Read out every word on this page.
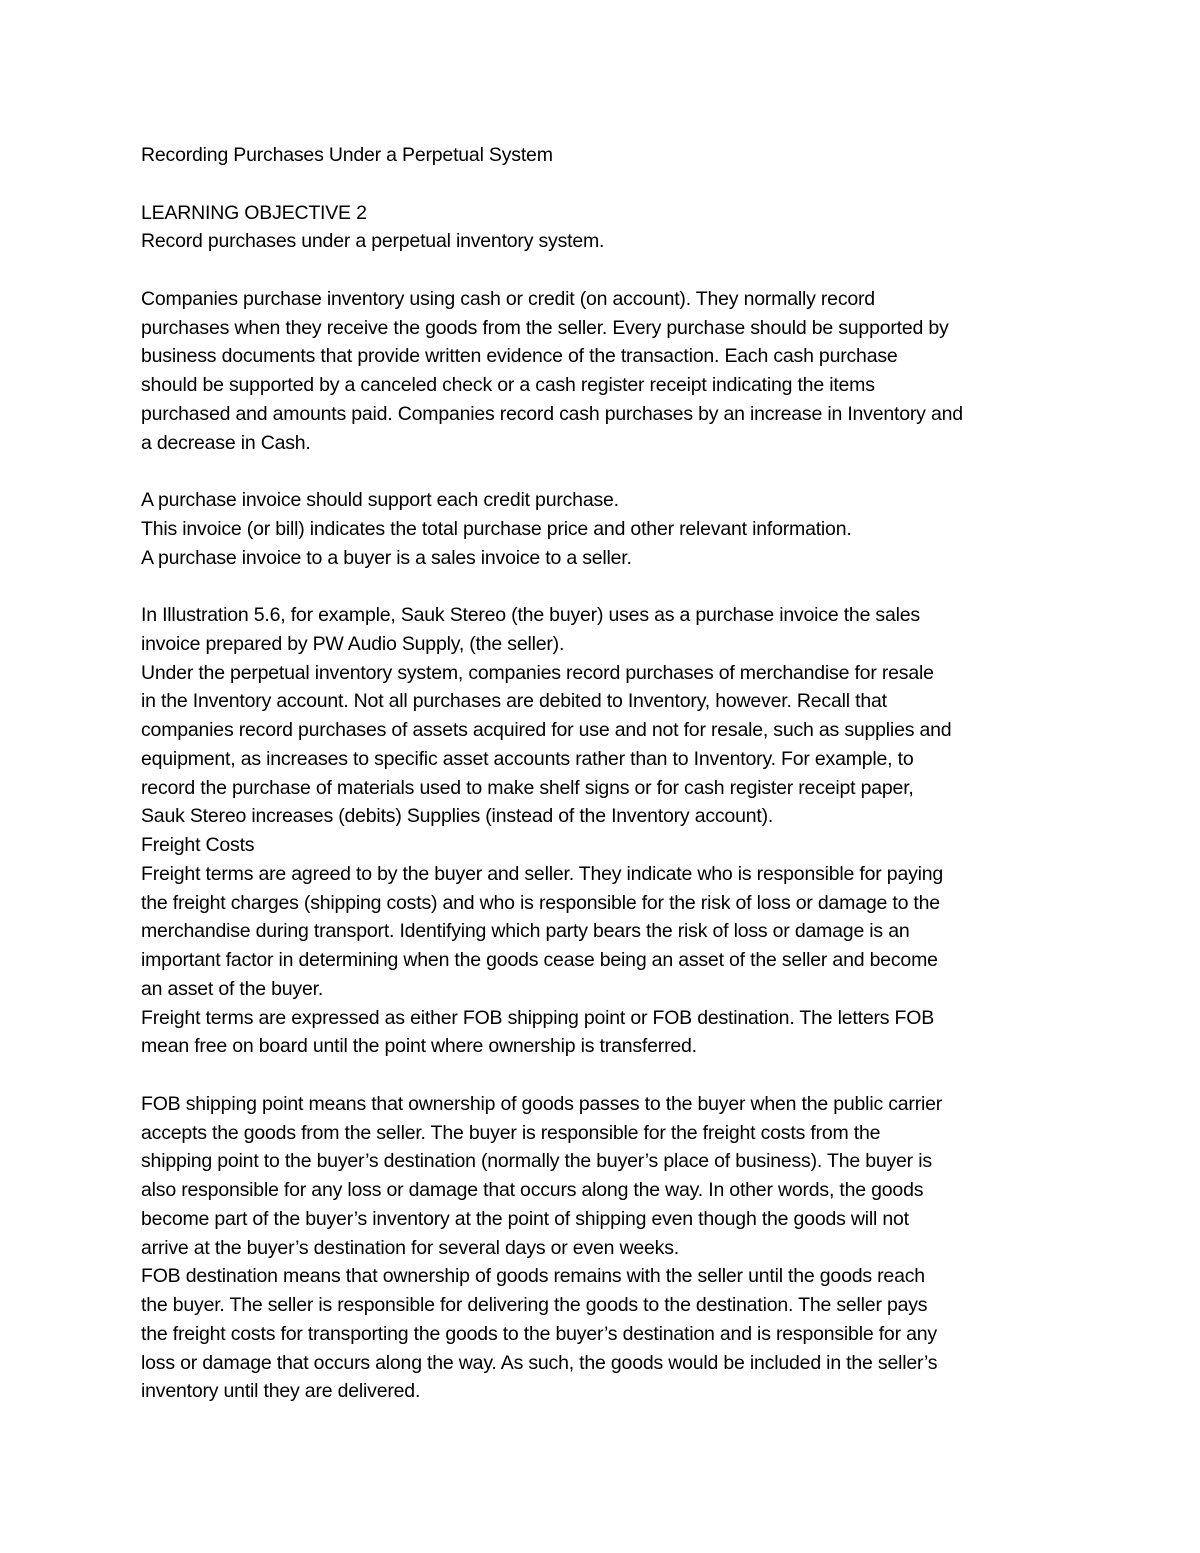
Recording Purchases Under a Perpetual System
LEARNING OBJECTIVE 2
Record purchases under a perpetual inventory system.
Companies purchase inventory using cash or credit (on account). They normally record
purchases when they receive the goods from the seller. Every purchase should be supported by
business documents that provide written evidence of the transaction. Each cash purchase
should be supported by a canceled check or a cash register receipt indicating the items
purchased and amounts paid. Companies record cash purchases by an increase in Inventory and
a decrease in Cash.
A purchase invoice should support each credit purchase.
This invoice (or bill) indicates the total purchase price and other relevant information.
A purchase invoice to a buyer is a sales invoice to a seller.
In Illustration 5.6, for example, Sauk Stereo (the buyer) uses as a purchase invoice the sales
invoice prepared by PW Audio Supply, (the seller).
Under the perpetual inventory system, companies record purchases of merchandise for resale
in the Inventory account. Not all purchases are debited to Inventory, however. Recall that
companies record purchases of assets acquired for use and not for resale, such as supplies and
equipment, as increases to specific asset accounts rather than to Inventory. For example, to
record the purchase of materials used to make shelf signs or for cash register receipt paper,
Sauk Stereo increases (debits) Supplies (instead of the Inventory account).
Freight Costs
Freight terms are agreed to by the buyer and seller. They indicate who is responsible for paying
the freight charges (shipping costs) and who is responsible for the risk of loss or damage to the
merchandise during transport. Identifying which party bears the risk of loss or damage is an
important factor in determining when the goods cease being an asset of the seller and become
an asset of the buyer.
Freight terms are expressed as either FOB shipping point or FOB destination. The letters FOB
mean free on board until the point where ownership is transferred.
FOB shipping point means that ownership of goods passes to the buyer when the public carrier
accepts the goods from the seller. The buyer is responsible for the freight costs from the
shipping point to the buyer’s destination (normally the buyer’s place of business). The buyer is
also responsible for any loss or damage that occurs along the way. In other words, the goods
become part of the buyer’s inventory at the point of shipping even though the goods will not
arrive at the buyer’s destination for several days or even weeks.
FOB destination means that ownership of goods remains with the seller until the goods reach
the buyer. The seller is responsible for delivering the goods to the destination. The seller pays
the freight costs for transporting the goods to the buyer’s destination and is responsible for any
loss or damage that occurs along the way. As such, the goods would be included in the seller’s
inventory until they are delivered.
